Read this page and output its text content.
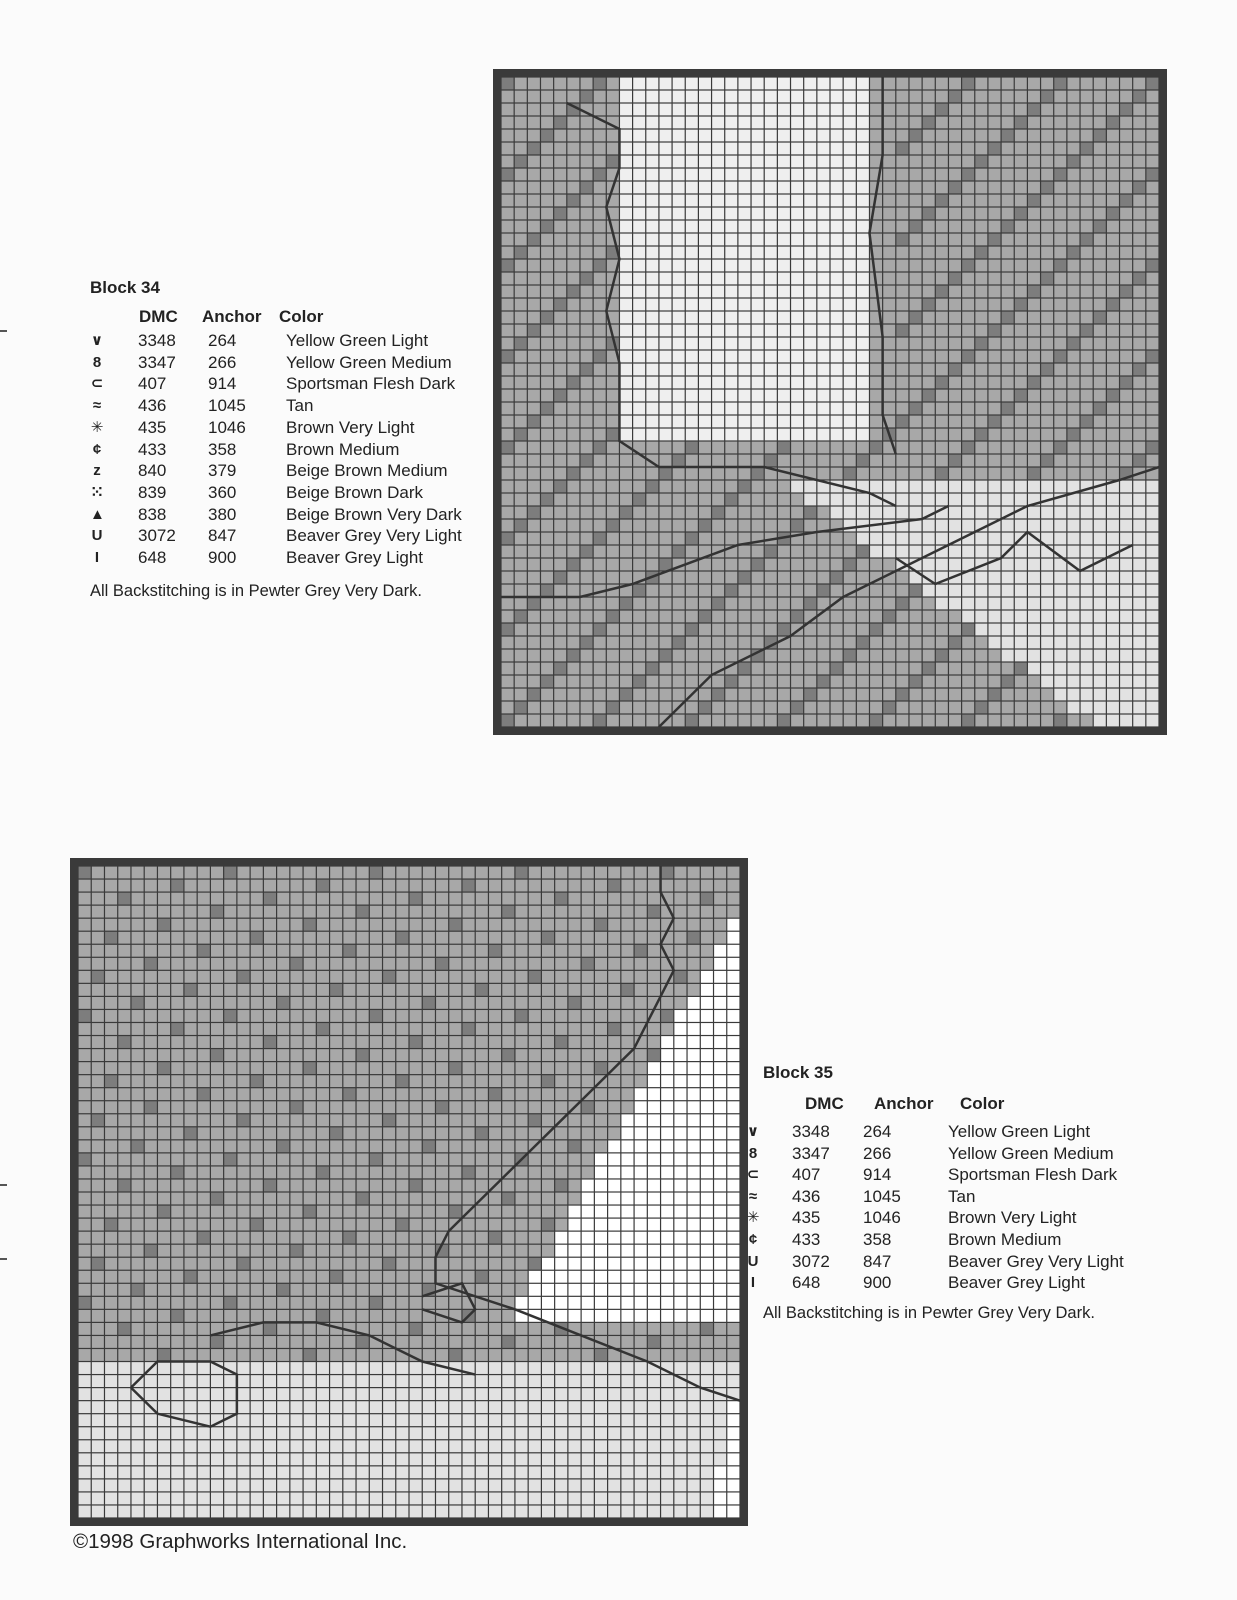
Block 34
DMC Anchor Color
∨ 3348 264	Yellow Green Light
8 3347 266	Yellow Green Medium
⊂ 407 914	Sportsman Flesh Dark
≈ 436 1045 Tan
✳ 435 1046 Brown Very Light
¢ 433 358	Brown Medium
z 840 379	Beige Brown Medium
⁙ 839 360	Beige Brown Dark
▲ 838 380	Beige Brown Very Dark
U 3072 847	Beaver Grey Very Light
I 648 900	Beaver Grey Light
All Backstitching is in Pewter Grey Very Dark.
Block 35
DMC Anchor Color
∨ 3348 264	Yellow Green Light
8 3347 266	Yellow Green Medium
⊂ 407	914	Sportsman Flesh Dark
≈ 436	1045	Tan
✳ 435	1046	Brown Very Light
¢ 433	358	Brown Medium
U 3072 847	Beaver Grey Very Light
I 648	900	Beaver Grey Light
All Backstitching is in Pewter Grey Very Dark.
©1998 Graphworks International Inc.
